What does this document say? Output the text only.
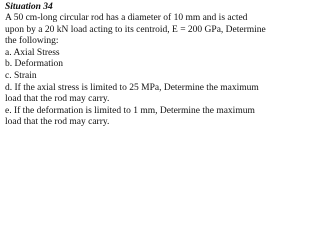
Situation 34
A 50 cm-long circular rod has a diameter of 10 mm and is acted
upon by a 20 kN load acting to its centroid, E = 200 GPa, Determine
the following:
a. Axial Stress
b. Deformation
c. Strain
d. If the axial stress is limited to 25 MPa, Determine the maximum
load that the rod may carry.
e. If the deformation is limited to 1 mm, Determine the maximum
load that the rod may carry.
